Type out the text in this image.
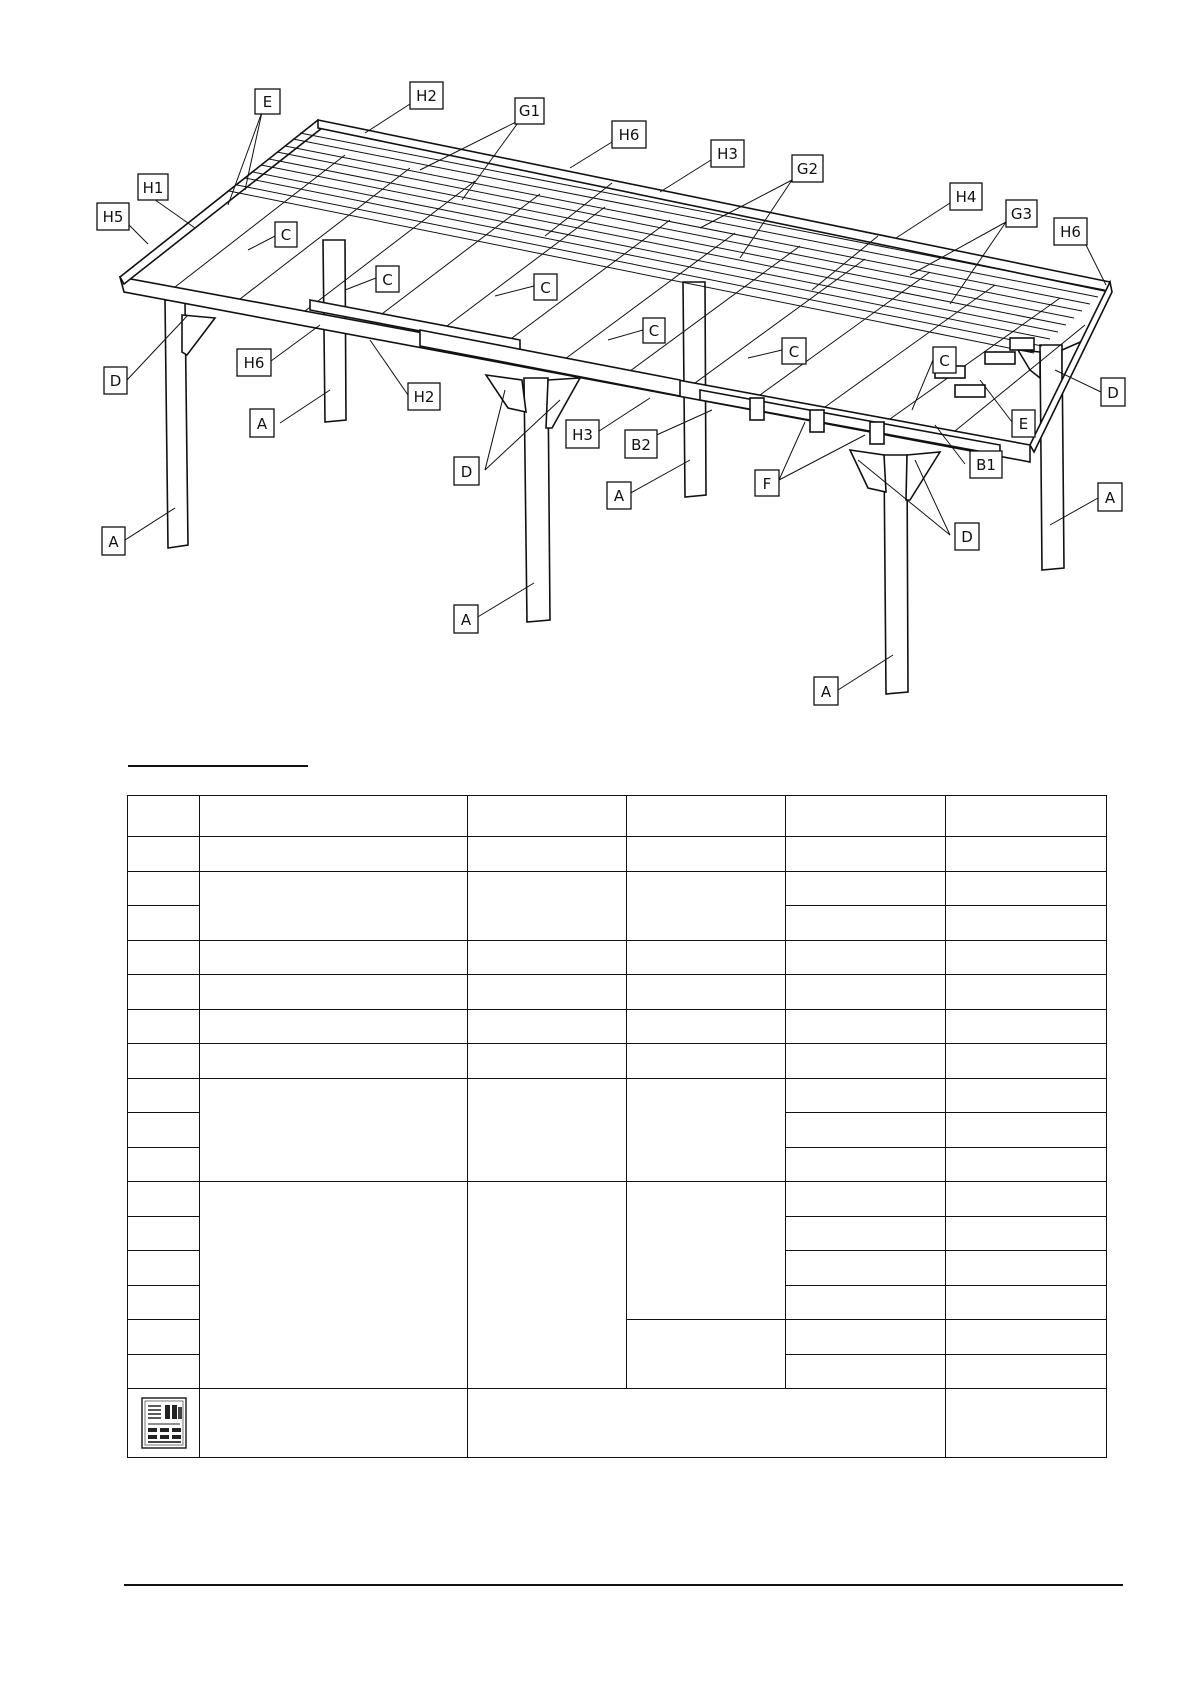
E	H2
G1
H6
H3
G2
H4
G3
H6
H1
H5
C
C	C
C
C	C
D
D
D
D
H6
H2
H3
B2
B1
E
F
A
A
A
A
A
A
